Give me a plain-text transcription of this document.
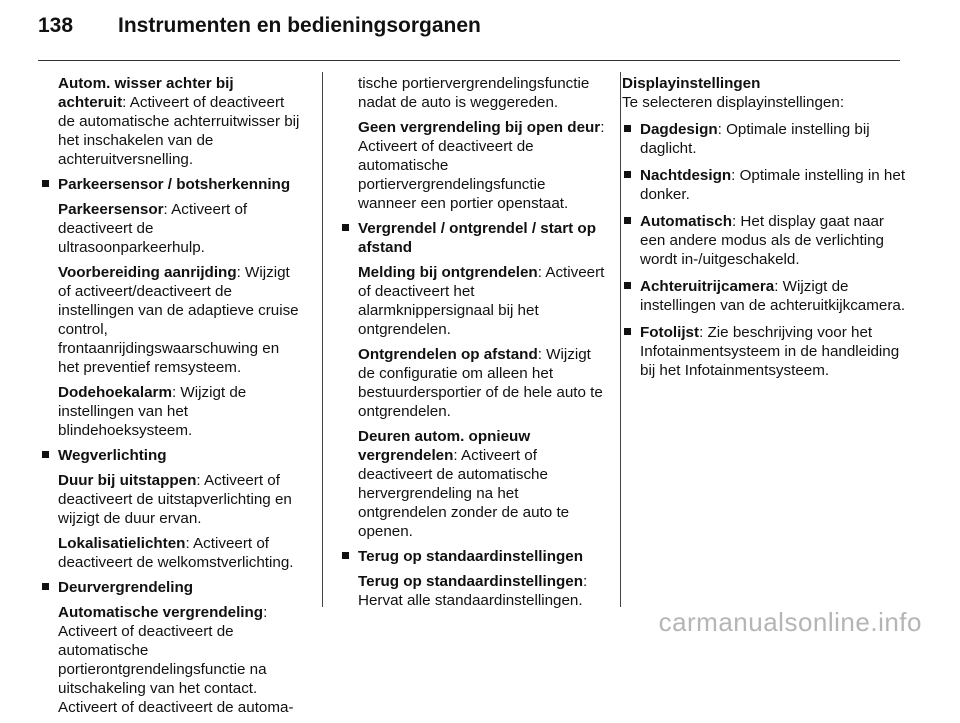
138 Instrumenten en bedieningsorganen
Autom. wisser achter bij achteruit: Activeert of deactiveert de automatische achterruitwisser bij het inschakelen van de achteruitversnelling.
Parkeersensor / botsherkenning
Parkeersensor: Activeert of deactiveert de ultrasoonparkeerhulp.
Voorbereiding aanrijding: Wijzigt of activeert/deactiveert de instellingen van de adaptieve cruise control, frontaanrijdingswaarschuwing en het preventief remsysteem.
Dodehoekalarm: Wijzigt de instellingen van het blindehoeksysteem.
Wegverlichting
Duur bij uitstappen: Activeert of deactiveert de uitstapverlichting en wijzigt de duur ervan.
Lokalisatielichten: Activeert of deactiveert de welkomstverlichting.
Deurvergrendeling
Automatische vergrendeling: Activeert of deactiveert de automatische portierontgrendelingsfunctie na uitschakeling van het contact.
Activeert of deactiveert de automa-
tische portiervergrendelingsfunctie nadat de auto is weggereden.
Geen vergrendeling bij open deur: Activeert of deactiveert de automatische portiervergrendelingsfunctie wanneer een portier openstaat.
Vergrendel / ontgrendel / start op afstand
Melding bij ontgrendelen: Activeert of deactiveert het alarmknippersignaal bij het ontgrendelen.
Ontgrendelen op afstand: Wijzigt de configuratie om alleen het bestuurdersportier of de hele auto te ontgrendelen.
Deuren autom. opnieuw vergrendelen: Activeert of deactiveert de automatische hervergrendeling na het ontgrendelen zonder de auto te openen.
Terug op standaardinstellingen
Terug op standaardinstellingen: Hervat alle standaardinstellingen.
Displayinstellingen
Te selecteren displayinstellingen:
Dagdesign: Optimale instelling bij daglicht.
Nachtdesign: Optimale instelling in het donker.
Automatisch: Het display gaat naar een andere modus als de verlichting wordt in-/uitgeschakeld.
Achteruitrijcamera: Wijzigt de instellingen van de achteruitkijkcamera.
Fotolijst: Zie beschrijving voor het Infotainmentsysteem in de handleiding bij het Infotainmentsysteem.
carmanualsonline.info
